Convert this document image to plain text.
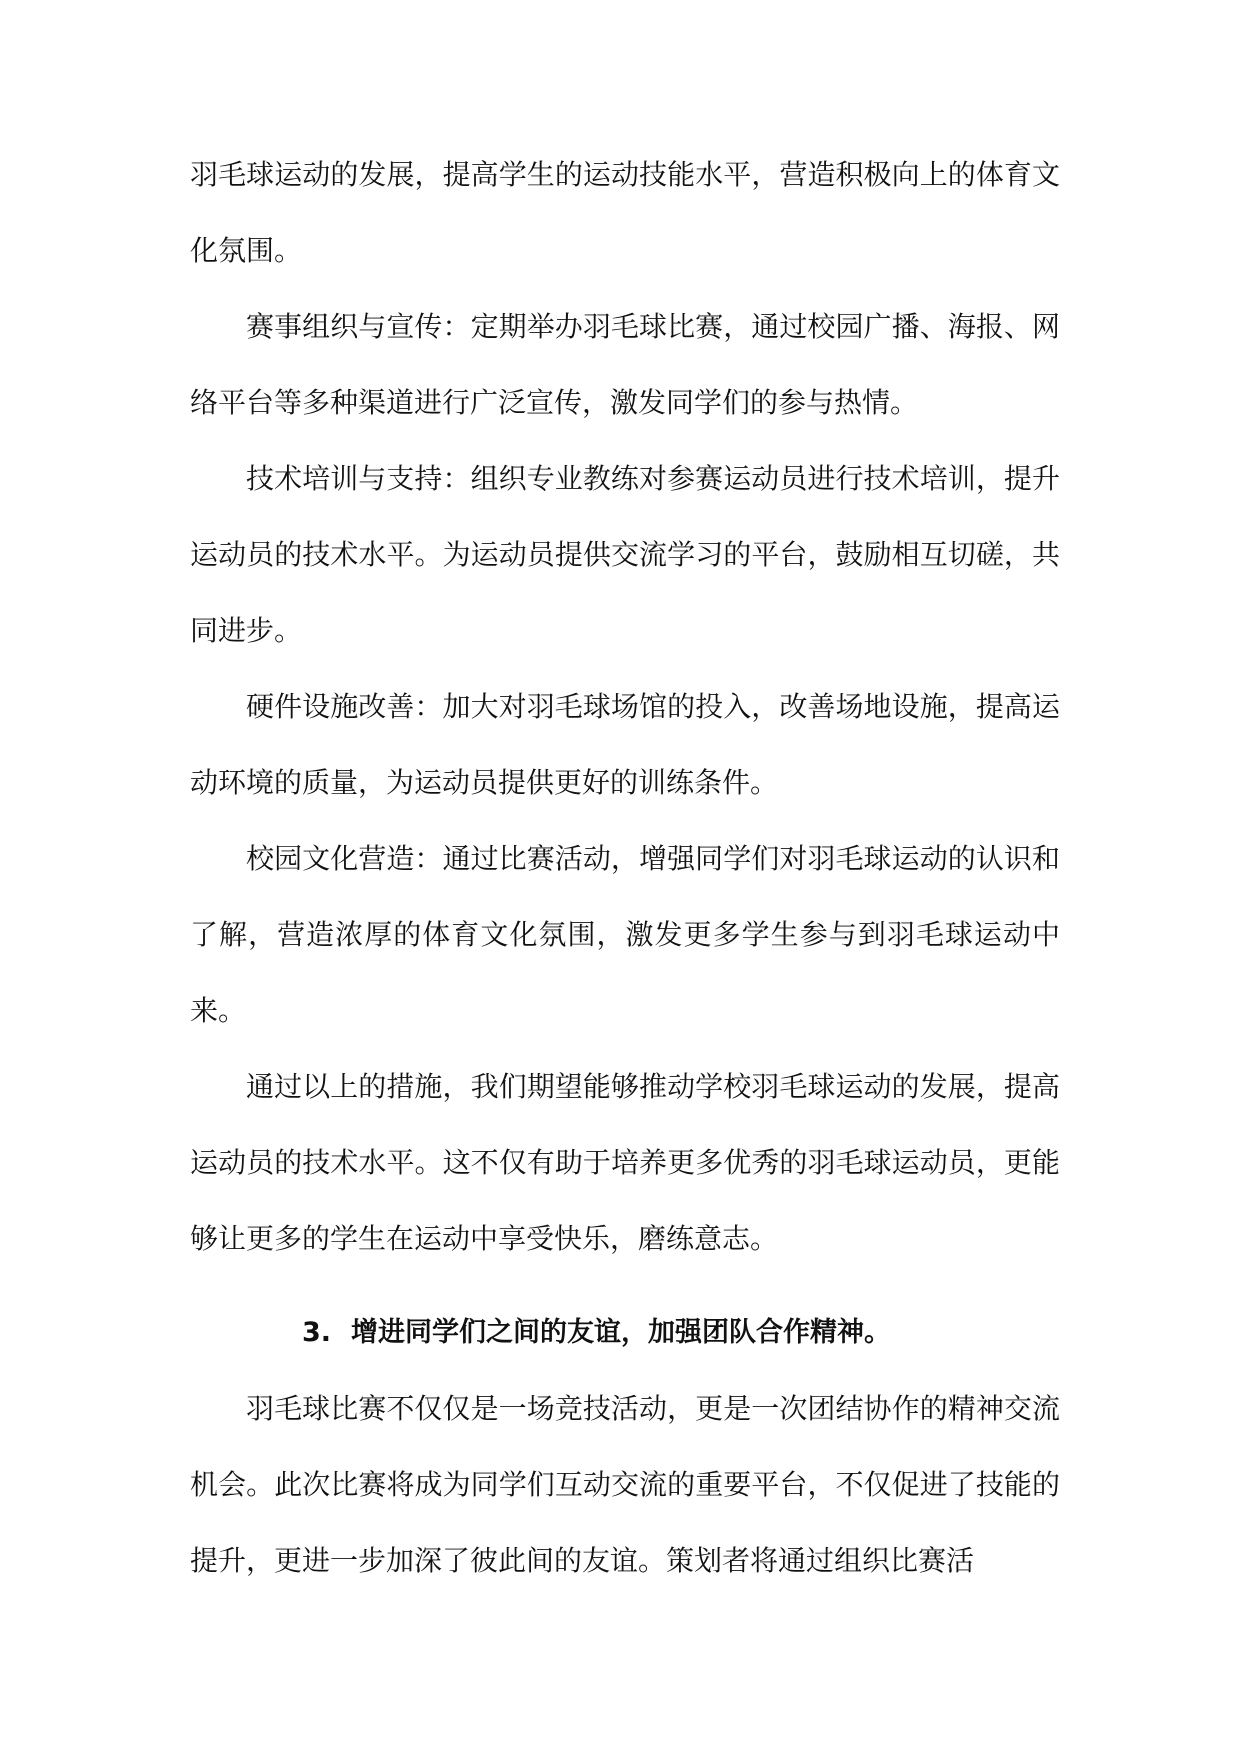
羽毛球运动的发展，提高学生的运动技能水平，营造积极向上的体育文化氛围。

赛事组织与宣传：定期举办羽毛球比赛，通过校园广播、海报、网络平台等多种渠道进行广泛宣传，激发同学们的参与热情。

技术培训与支持：组织专业教练对参赛运动员进行技术培训，提升运动员的技术水平。为运动员提供交流学习的平台，鼓励相互切磋，共同进步。

硬件设施改善：加大对羽毛球场馆的投入，改善场地设施，提高运动环境的质量，为运动员提供更好的训练条件。

校园文化营造：通过比赛活动，增强同学们对羽毛球运动的认识和了解，营造浓厚的体育文化氛围，激发更多学生参与到羽毛球运动中来。

通过以上的措施，我们期望能够推动学校羽毛球运动的发展，提高运动员的技术水平。这不仅有助于培养更多优秀的羽毛球运动员，更能够让更多的学生在运动中享受快乐，磨练意志。

3. 增进同学们之间的友谊，加强团队合作精神。

羽毛球比赛不仅仅是一场竞技活动，更是一次团结协作的精神交流机会。此次比赛将成为同学们互动交流的重要平台，不仅促进了技能的提升，更进一步加深了彼此间的友谊。策划者将通过组织比赛活
